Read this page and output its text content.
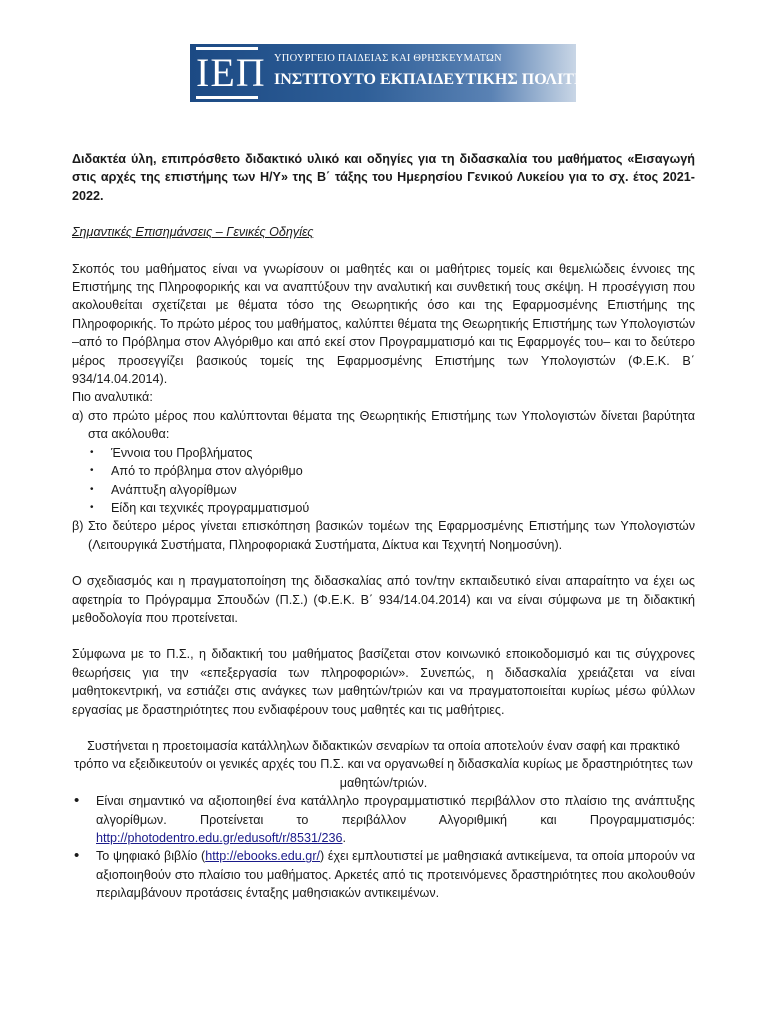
ΙΕΠ ΥΠΟΥΡΓΕΙΟ ΠΑΙΔΕΙΑΣ ΚΑΙ ΘΡΗΣΚΕΥΜΑΤΩΝ
ΙΝΣΤΙΤΟΥΤΟ ΕΚΠΑΙΔΕΥΤΙΚΗΣ ΠΟΛΙΤΙΚΗΣ

Διδακτέα ύλη, επιπρόσθετο διδακτικό υλικό και οδηγίες για τη διδασκαλία του μαθήματος «Εισαγωγή στις αρχές της επιστήμης των Η/Υ» της Β΄ τάξης του Ημερησίου Γενικού Λυκείου για το σχ. έτος 2021-2022.

Σημαντικές Επισημάνσεις – Γενικές Οδηγίες

Σκοπός του μαθήματος είναι να γνωρίσουν οι μαθητές και οι μαθήτριες τομείς και θεμελιώδεις έννοιες της Επιστήμης της Πληροφορικής και να αναπτύξουν την αναλυτική και συνθετική τους σκέψη. Η προσέγγιση που ακολουθείται σχετίζεται με θέματα τόσο της Θεωρητικής όσο και της Εφαρμοσμένης Επιστήμης της Πληροφορικής. Το πρώτο μέρος του μαθήματος, καλύπτει θέματα της Θεωρητικής Επιστήμης των Υπολογιστών –από το Πρόβλημα στον Αλγόριθμο και από εκεί στον Προγραμματισμό και τις Εφαρμογές του– και το δεύτερο μέρος προσεγγίζει βασικούς τομείς της Εφαρμοσμένης Επιστήμης των Υπολογιστών (Φ.Ε.Κ. Β΄ 934/14.04.2014).

Πιο αναλυτικά:

α) στο πρώτο μέρος που καλύπτονται θέματα της Θεωρητικής Επιστήμης των Υπολογιστών δίνεται βαρύτητα στα ακόλουθα:
• Έννοια του Προβλήματος
• Από το πρόβλημα στον αλγόριθμο
• Ανάπτυξη αλγορίθμων
• Είδη και τεχνικές προγραμματισμού
β) Στο δεύτερο μέρος γίνεται επισκόπηση βασικών τομέων της Εφαρμοσμένης Επιστήμης των Υπολογιστών (Λειτουργικά Συστήματα, Πληροφοριακά Συστήματα, Δίκτυα και Τεχνητή Νοημοσύνη).

Ο σχεδιασμός και η πραγματοποίηση της διδασκαλίας από τον/την εκπαιδευτικό είναι απαραίτητο να έχει ως αφετηρία το Πρόγραμμα Σπουδών (Π.Σ.) (Φ.Ε.Κ. Β΄ 934/14.04.2014) και να είναι σύμφωνα με τη διδακτική μεθοδολογία που προτείνεται.

Σύμφωνα με το Π.Σ., η διδακτική του μαθήματος βασίζεται στον κοινωνικό εποικοδομισμό και τις σύγχρονες θεωρήσεις για την «επεξεργασία των πληροφοριών». Συνεπώς, η διδασκαλία χρειάζεται να είναι μαθητοκεντρική, να εστιάζει στις ανάγκες των μαθητών/τριών και να πραγματοποιείται κυρίως μέσω φύλλων εργασίας με δραστηριότητες που ενδιαφέρουν τους μαθητές και τις μαθήτριες.

Συστήνεται η προετοιμασία κατάλληλων διδακτικών σεναρίων τα οποία αποτελούν έναν σαφή και πρακτικό τρόπο να εξειδικευτούν οι γενικές αρχές του Π.Σ. και να οργανωθεί η διδασκαλία κυρίως με δραστηριότητες των μαθητών/τριών.

• Είναι σημαντικό να αξιοποιηθεί ένα κατάλληλο προγραμματιστικό περιβάλλον στο πλαίσιο της ανάπτυξης αλγορίθμων. Προτείνεται το περιβάλλον Αλγοριθμική και Προγραμματισμός: http://photodentro.edu.gr/edusoft/r/8531/236.
• Το ψηφιακό βιβλίο (http://ebooks.edu.gr/) έχει εμπλουτιστεί με μαθησιακά αντικείμενα, τα οποία μπορούν να αξιοποιηθούν στο πλαίσιο του μαθήματος. Αρκετές από τις προτεινόμενες δραστηριότητες που ακολουθούν περιλαμβάνουν προτάσεις ένταξης μαθησιακών αντικειμένων.
